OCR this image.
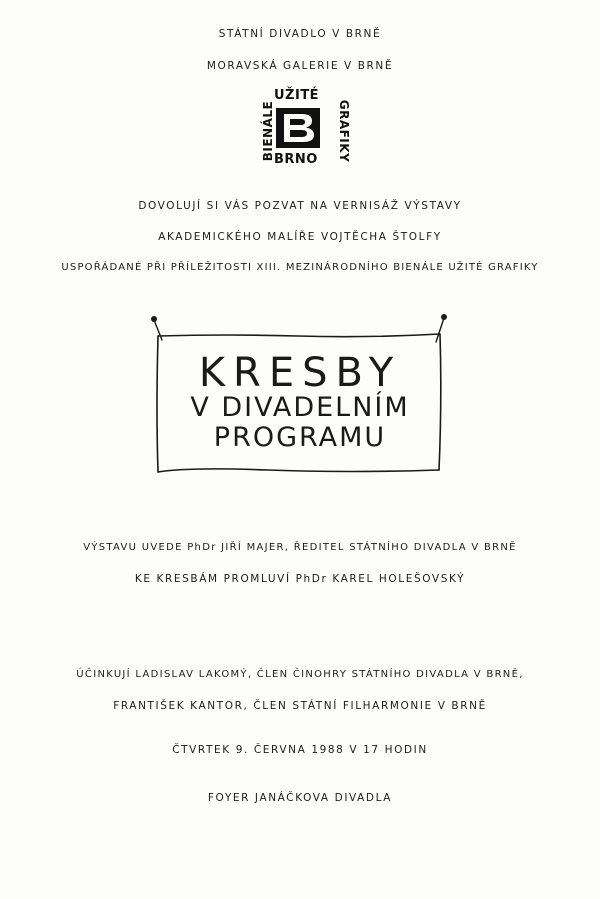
STÁTNÍ DIVADLO V BRNĚ
MORAVSKÁ GALERIE V BRNĚ
UŽITÉ
BIENÁLE	GRAFIKY
BRNO
DOVOLUJÍ SI VÁS POZVAT NA VERNISÁŽ VÝSTAVY
AKADEMICKÉHO MALÍŘE VOJTĚCHA ŠTOLFY
USPOŘÁDANÉ PŘI PŘÍLEŽITOSTI XIII. MEZINÁRODNÍHO BIENÁLE UŽITÉ GRAFIKY
KRESBY
V DIVADELNÍM
PROGRAMU
VÝSTAVU UVEDE PhDr JIŘÍ MAJER, ŘEDITEL STÁTNÍHO DIVADLA V BRNĚ
KE KRESBÁM PROMLUVÍ PhDr KAREL HOLEŠOVSKÝ
ÚČINKUJÍ LADISLAV LAKOMÝ, ČLEN ČINOHRY STÁTNÍHO DIVADLA V BRNĚ,
FRANTIŠEK KANTOR, ČLEN STÁTNÍ FILHARMONIE V BRNĚ
ČTVRTEK 9. ČERVNA 1988 V 17 HODIN
FOYER JANÁČKOVA DIVADLA
